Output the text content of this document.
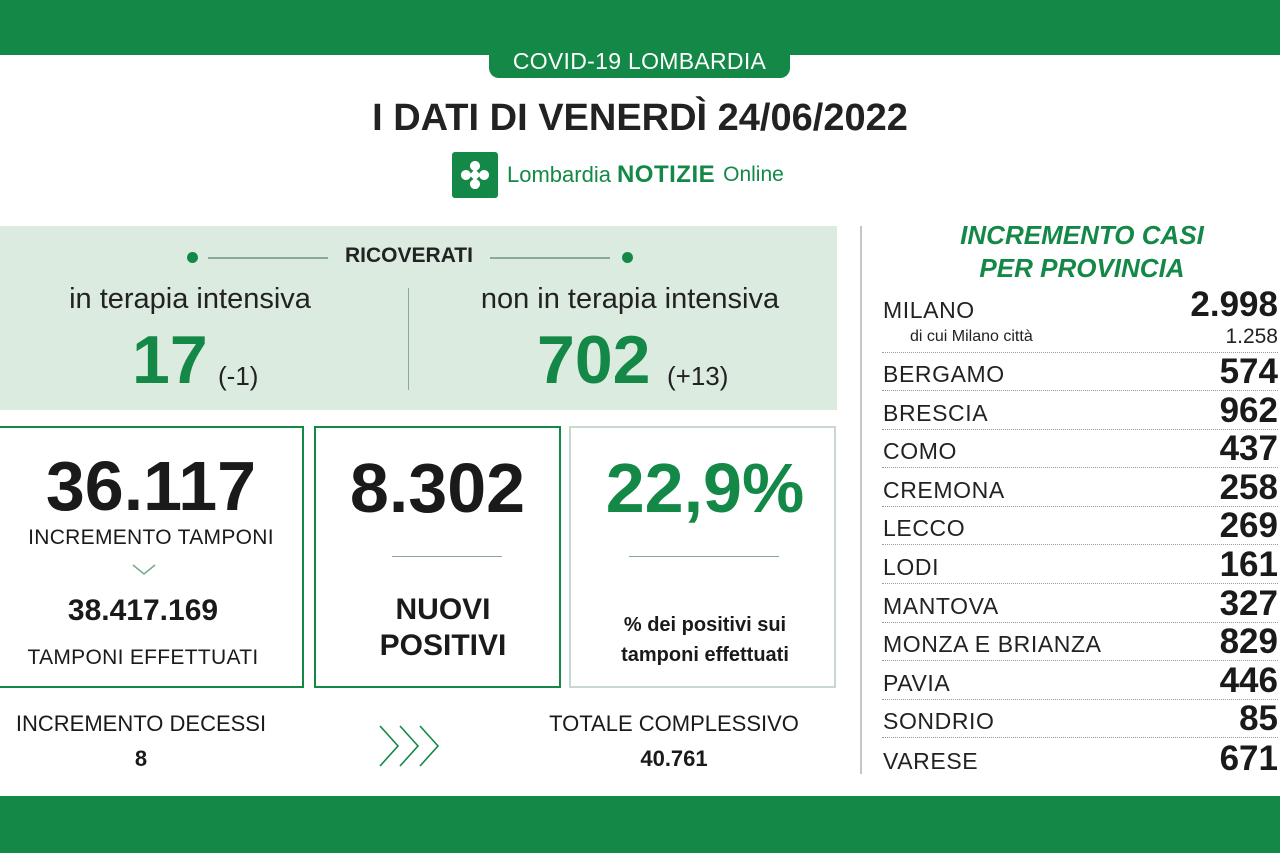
COVID-19 LOMBARDIA
I DATI DI VENERDÌ 24/06/2022
Lombardia NOTIZIE Online
RICOVERATI
in terapia intensiva
17 (-1)
non in terapia intensiva
702 (+13)
36.117
INCREMENTO TAMPONI
38.417.169
TAMPONI EFFETTUATI
8.302
NUOVI
POSITIVI
22,9%
% dei positivi sui
tamponi effettuati
INCREMENTO DECESSI
8
TOTALE COMPLESSIVO
40.761
INCREMENTO CASI
PER PROVINCIA
MILANO	2.998
di cui Milano città	1.258
BERGAMO	574
BRESCIA	962
COMO	437
CREMONA	258
LECCO	269
LODI	161
MANTOVA	327
MONZA E BRIANZA	829
PAVIA	446
SONDRIO	85
VARESE	671
